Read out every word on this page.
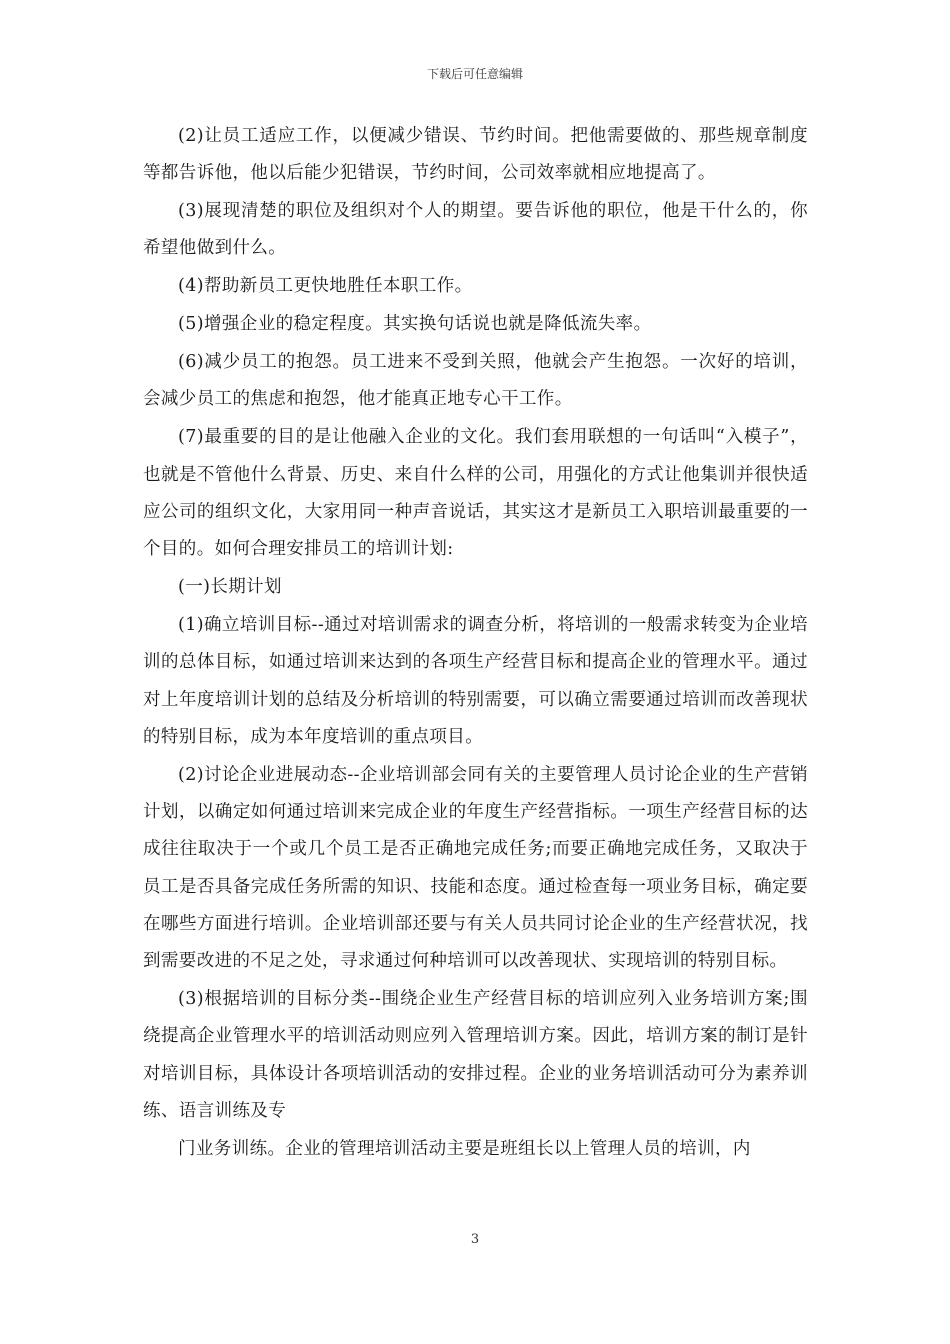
下载后可任意编辑

(2)让员工适应工作，以便减少错误、节约时间。把他需要做的、那些规章制度等都告诉他，他以后能少犯错误，节约时间，公司效率就相应地提高了。

(3)展现清楚的职位及组织对个人的期望。要告诉他的职位，他是干什么的，你希望他做到什么。

(4)帮助新员工更快地胜任本职工作。

(5)增强企业的稳定程度。其实换句话说也就是降低流失率。

(6)减少员工的抱怨。员工进来不受到关照，他就会产生抱怨。一次好的培训，会减少员工的焦虑和抱怨，他才能真正地专心干工作。

(7)最重要的目的是让他融入企业的文化。我们套用联想的一句话叫“入模子”，也就是不管他什么背景、历史、来自什么样的公司，用强化的方式让他集训并很快适应公司的组织文化，大家用同一种声音说话，其实这才是新员工入职培训最重要的一个目的。如何合理安排员工的培训计划:

(一)长期计划

(1)确立培训目标--通过对培训需求的调查分析，将培训的一般需求转变为企业培训的总体目标，如通过培训来达到的各项生产经营目标和提高企业的管理水平。通过对上年度培训计划的总结及分析培训的特别需要，可以确立需要通过培训而改善现状的特别目标，成为本年度培训的重点项目。

(2)讨论企业进展动态--企业培训部会同有关的主要管理人员讨论企业的生产营销计划，以确定如何通过培训来完成企业的年度生产经营指标。一项生产经营目标的达成往往取决于一个或几个员工是否正确地完成任务;而要正确地完成任务，又取决于员工是否具备完成任务所需的知识、技能和态度。通过检查每一项业务目标，确定要在哪些方面进行培训。企业培训部还要与有关人员共同讨论企业的生产经营状况，找到需要改进的不足之处，寻求通过何种培训可以改善现状、实现培训的特别目标。

(3)根据培训的目标分类--围绕企业生产经营目标的培训应列入业务培训方案;围绕提高企业管理水平的培训活动则应列入管理培训方案。因此，培训方案的制订是针对培训目标，具体设计各项培训活动的安排过程。企业的业务培训活动可分为素养训练、语言训练及专

门业务训练。企业的管理培训活动主要是班组长以上管理人员的培训，内

3
